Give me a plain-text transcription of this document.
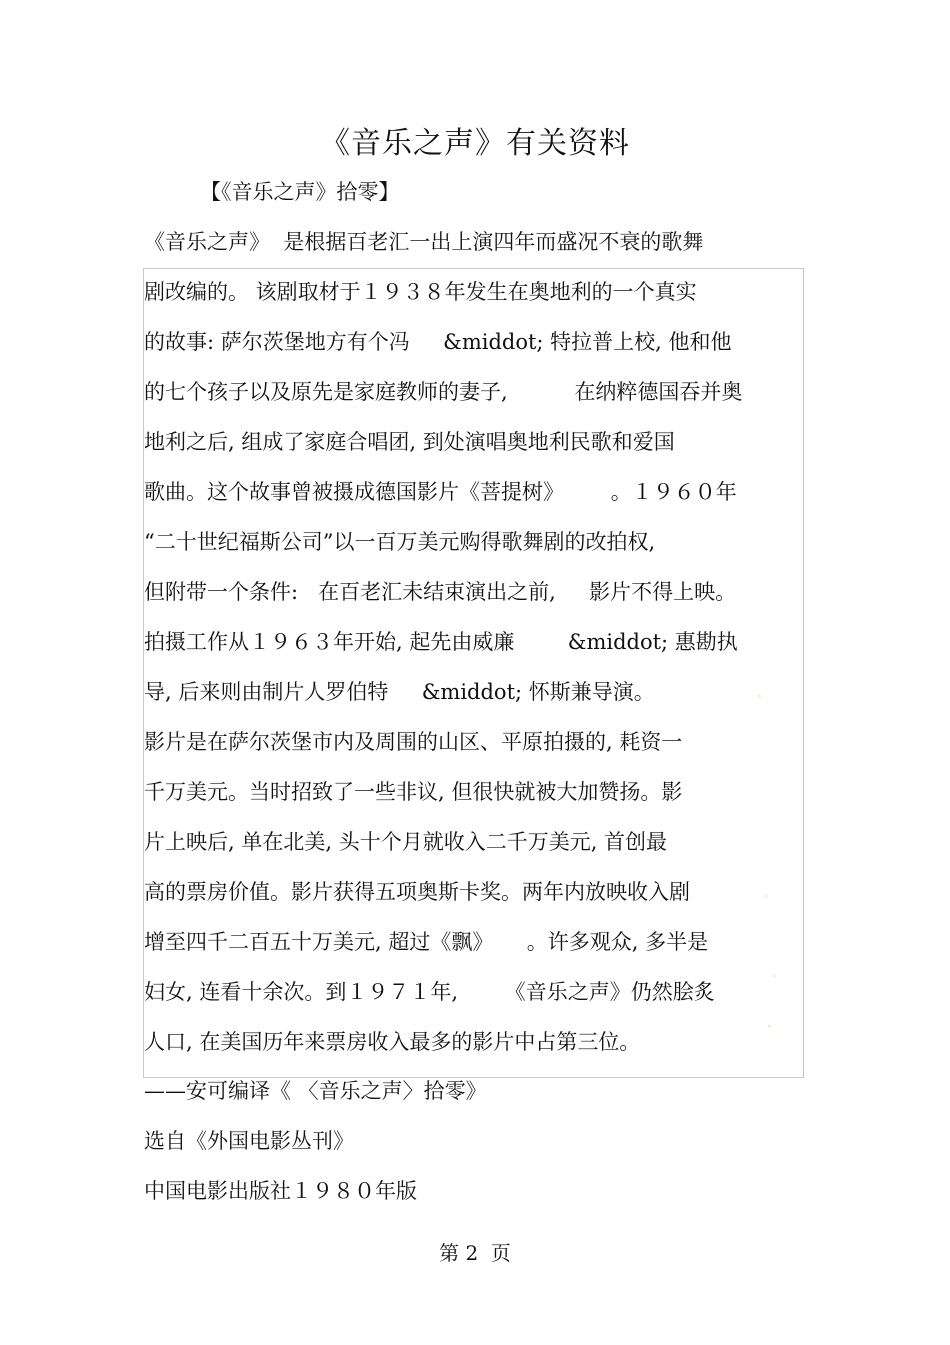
《音乐之声》有关资料
【《音乐之声》拾零】
·
·
·
·
《音乐之声》  是根据百老汇一出上演四年而盛况不衰的歌舞
剧改编的。 该剧取材于１９３８年发生在奥地利的一个真实
的故事: 萨尔茨堡地方有个冯     &middot; 特拉普上校, 他和他
的七个孩子以及原先是家庭教师的妻子,          在纳粹德国吞并奥
地利之后, 组成了家庭合唱团, 到处演唱奥地利民歌和爱国
歌曲。这个故事曾被摄成德国影片《菩提树》       。１９６０年
“二十世纪福斯公司”以一百万美元购得歌舞剧的改拍权,
但附带一个条件:   在百老汇未结束演出之前,     影片不得上映。
拍摄工作从１９６３年开始, 起先由威廉        &middot; 惠勘执
导, 后来则由制片人罗伯特     &middot; 怀斯兼导演。
影片是在萨尔茨堡市内及周围的山区、平原拍摄的, 耗资一
千万美元。当时招致了一些非议, 但很快就被大加赞扬。影
片上映后, 单在北美, 头十个月就收入二千万美元, 首创最
高的票房价值。影片获得五项奥斯卡奖。两年内放映收入剧
增至四千二百五十万美元, 超过《飘》     。许多观众, 多半是
妇女, 连看十余次。到１９７１年,       《音乐之声》仍然脍炙
人口, 在美国历年来票房收入最多的影片中占第三位。
——安可编译《 〈音乐之声〉拾零》
选自《外国电影丛刊》
中国电影出版社１９８０年版
第 2  页
